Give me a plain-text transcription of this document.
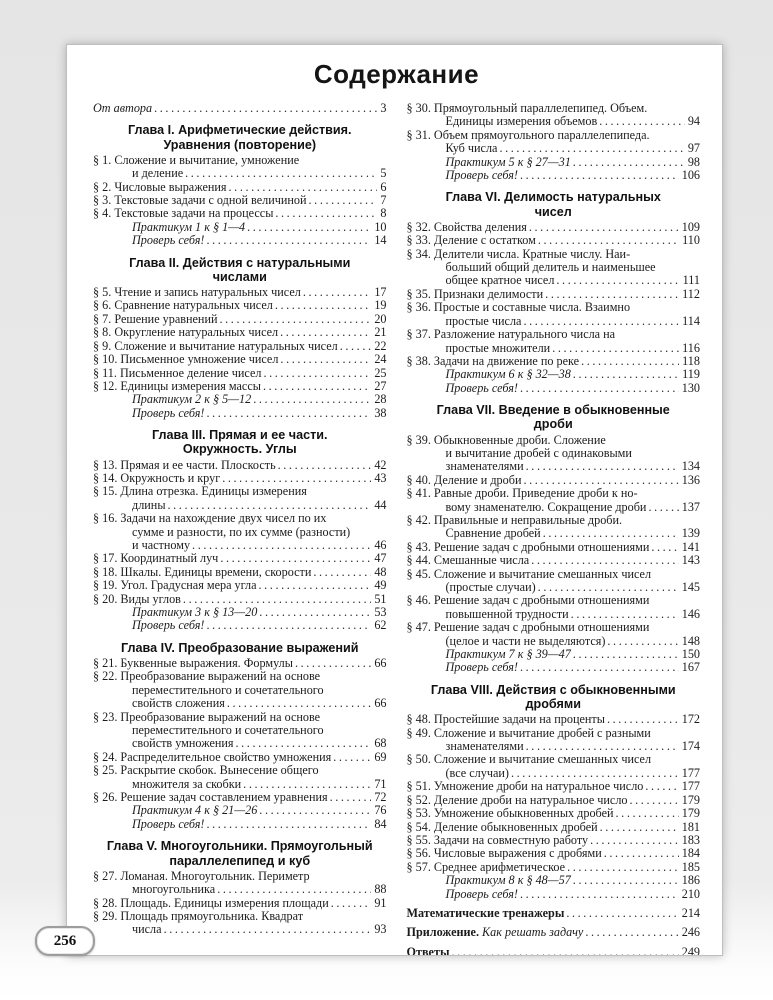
Содержание
От автора .....	3
Глава I. Арифметические действия.
Уравнения (повторение)
§ 1. Сложение и вычитание, умножение
и деление .....	5
§ 2. Числовые выражения .....	6
§ 3. Текстовые задачи с одной величиной .....	7
§ 4. Текстовые задачи на процессы .....	8
Практикум 1 к § 1—4 .....	10
Проверь себя! .....	14
Глава II. Действия с натуральными
числами
§ 5. Чтение и запись натуральных чисел .....	17
§ 6. Сравнение натуральных чисел .....	19
§ 7. Решение уравнений .....	20
§ 8. Округление натуральных чисел .....	21
§ 9. Сложение и вычитание натуральных чисел .....	22
§ 10. Письменное умножение чисел .....	24
§ 11. Письменное деление чисел .....	25
§ 12. Единицы измерения массы .....	27
Практикум 2 к § 5—12 .....	28
Проверь себя! .....	38
Глава III. Прямая и ее части.
Окружность. Углы
§ 13. Прямая и ее части. Плоскость .....	42
§ 14. Окружность и круг .....	43
§ 15. Длина отрезка. Единицы измерения
длины .....	44
§ 16. Задачи на нахождение двух чисел по их
сумме и разности, по их сумме (разности)
и частному .....	46
§ 17. Координатный луч .....	47
§ 18. Шкалы. Единицы времени, скорости .....	48
§ 19. Угол. Градусная мера угла .....	49
§ 20. Виды углов .....	51
Практикум 3 к § 13—20 .....	53
Проверь себя! .....	62
Глава IV. Преобразование выражений
§ 21. Буквенные выражения. Формулы .....	66
§ 22. Преобразование выражений на основе
переместительного и сочетательного
свойств сложения .....	66
§ 23. Преобразование выражений на основе
переместительного и сочетательного
свойств умножения .....	68
§ 24. Распределительное свойство умножения .....	69
§ 25. Раскрытие скобок. Вынесение общего
множителя за скобки .....	71
§ 26. Решение задач составлением уравнения .....	72
Практикум 4 к § 21—26 .....	76
Проверь себя! .....	84
Глава V. Многоугольники. Прямоугольный
параллелепипед и куб
§ 27. Ломаная. Многоугольник. Периметр
многоугольника .....	88
§ 28. Площадь. Единицы измерения площади .....	91
§ 29. Площадь прямоугольника. Квадрат
числа .....	93
§ 30. Прямоугольный параллелепипед. Объем.
Единицы измерения объемов .....	94
§ 31. Объем прямоугольного параллелепипеда.
Куб числа .....	97
Практикум 5 к § 27—31 .....	98
Проверь себя! .....	106
Глава VI. Делимость натуральных
чисел
§ 32. Свойства деления .....	109
§ 33. Деление с остатком .....	110
§ 34. Делители числа. Кратные числу. Наи-
больший общий делитель и наименьшее
общее кратное чисел .....	111
§ 35. Признаки делимости .....	112
§ 36. Простые и составные числа. Взаимно
простые числа .....	114
§ 37. Разложение натурального числа на
простые множители .....	116
§ 38. Задачи на движение по реке .....	118
Практикум 6 к § 32—38 .....	119
Проверь себя! .....	130
Глава VII. Введение в обыкновенные
дроби
§ 39. Обыкновенные дроби. Сложение
и вычитание дробей с одинаковыми
знаменателями .....	134
§ 40. Деление и дроби .....	136
§ 41. Равные дроби. Приведение дроби к но-
вому знаменателю. Сокращение дроби .....	137
§ 42. Правильные и неправильные дроби.
Сравнение дробей .....	139
§ 43. Решение задач с дробными отношениями .....	141
§ 44. Смешанные числа .....	143
§ 45. Сложение и вычитание смешанных чисел
(простые случаи) .....	145
§ 46. Решение задач с дробными отношениями
повышенной трудности .....	146
§ 47. Решение задач с дробными отношениями
(целое и части не выделяются) .....	148
Практикум 7 к § 39—47 .....	150
Проверь себя! .....	167
Глава VIII. Действия с обыкновенными
дробями
§ 48. Простейшие задачи на проценты .....	172
§ 49. Сложение и вычитание дробей с разными
знаменателями .....	174
§ 50. Сложение и вычитание смешанных чисел
(все случаи) .....	177
§ 51. Умножение дроби на натуральное число .....	177
§ 52. Деление дроби на натуральное число .....	179
§ 53. Умножение обыкновенных дробей .....	179
§ 54. Деление обыкновенных дробей .....	181
§ 55. Задачи на совместную работу .....	183
§ 56. Числовые выражения с дробями .....	184
§ 57. Среднее арифметическое .....	185
Практикум 8 к § 48—57 .....	186
Проверь себя! .....	210
Математические тренажеры .....	214
Приложение. Как решать задачу .....	246
Ответы .....	249
256
